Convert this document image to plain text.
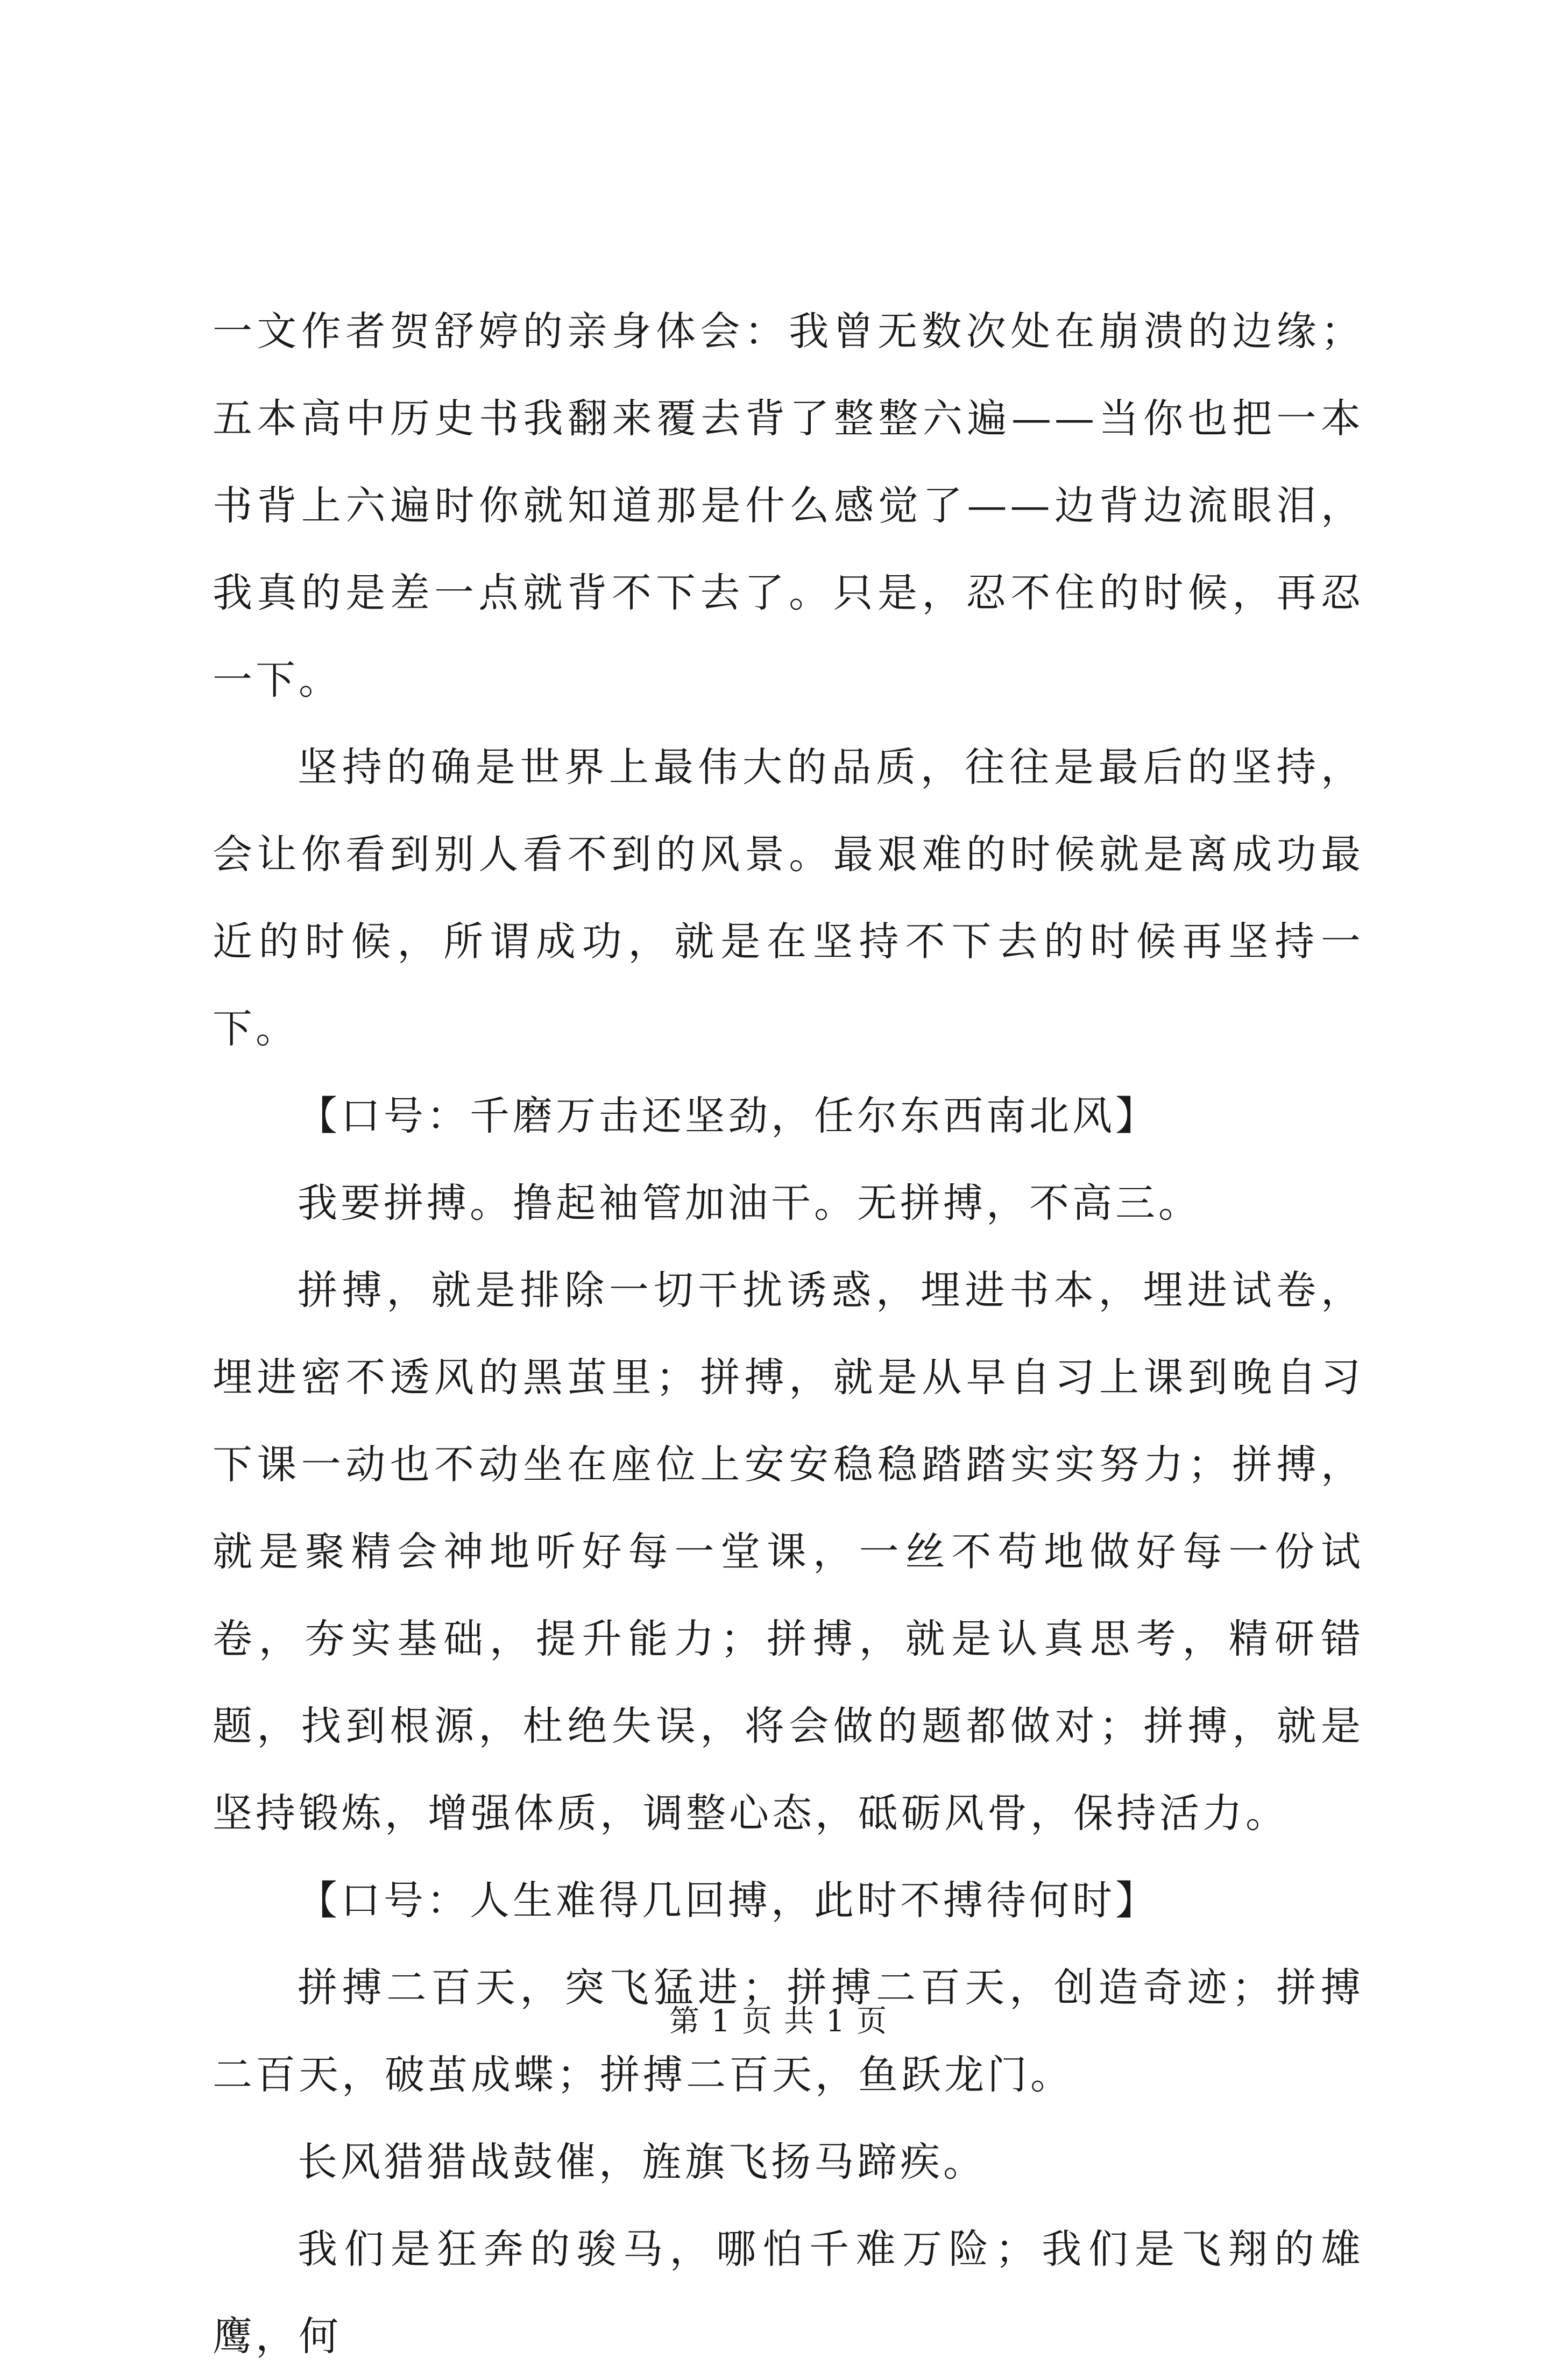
一文作者贺舒婷的亲身体会：我曾无数次处在崩溃的边缘；五本高中历史书我翻来覆去背了整整六遍——当你也把一本书背上六遍时你就知道那是什么感觉了——边背边流眼泪，我真的是差一点就背不下去了。只是，忍不住的时候，再忍一下。

坚持的确是世界上最伟大的品质，往往是最后的坚持，会让你看到别人看不到的风景。最艰难的时候就是离成功最近的时候，所谓成功，就是在坚持不下去的时候再坚持一下。

【口号：千磨万击还坚劲，任尔东西南北风】

我要拼搏。撸起袖管加油干。无拼搏，不高三。

拼搏，就是排除一切干扰诱惑，埋进书本，埋进试卷，埋进密不透风的黑茧里；拼搏，就是从早自习上课到晚自习下课一动也不动坐在座位上安安稳稳踏踏实实努力；拼搏，就是聚精会神地听好每一堂课，一丝不苟地做好每一份试卷，夯实基础，提升能力；拼搏，就是认真思考，精研错题，找到根源，杜绝失误，将会做的题都做对；拼搏，就是坚持锻炼，增强体质，调整心态，砥砺风骨，保持活力。

【口号：人生难得几回搏，此时不搏待何时】

拼搏二百天，突飞猛进；拼搏二百天，创造奇迹；拼搏二百天，破茧成蝶；拼搏二百天，鱼跃龙门。

长风猎猎战鼓催，旌旗飞扬马蹄疾。

我们是狂奔的骏马，哪怕千难万险；我们是飞翔的雄鹰，何

第 1 页 共 1 页
